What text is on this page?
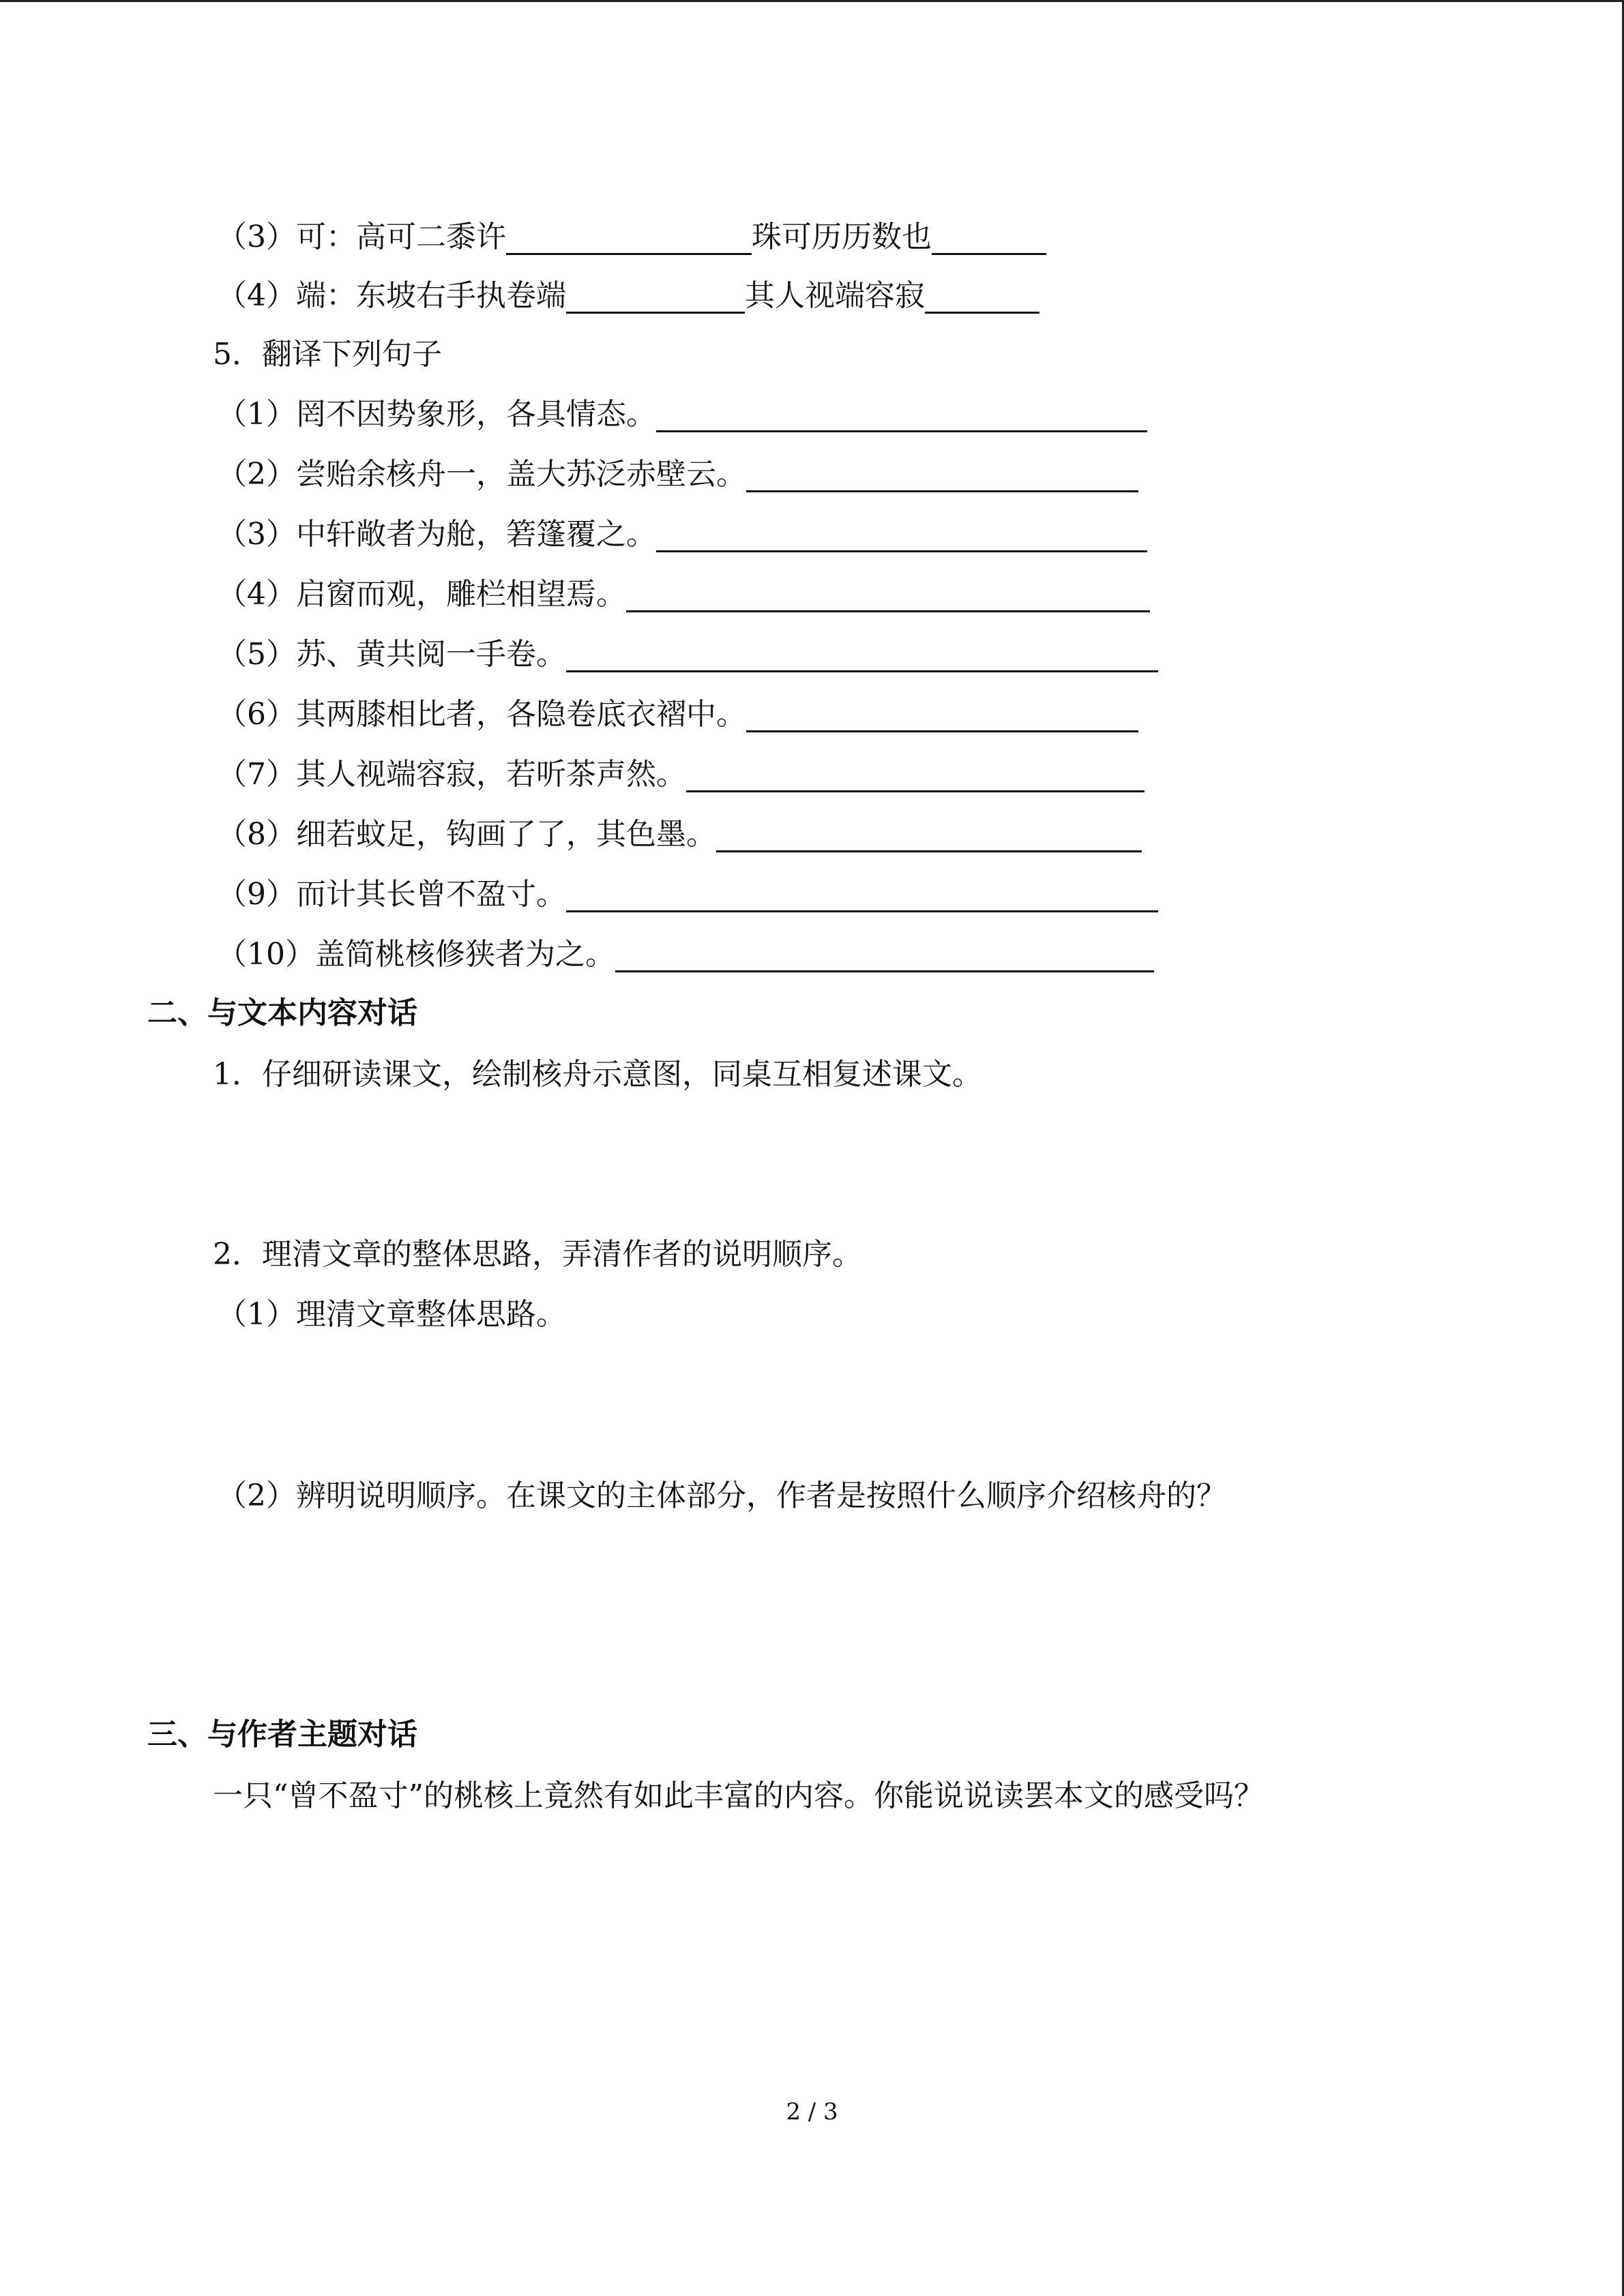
（3）可：高可二黍许	珠可历历数也
（4）端：东坡右手执卷端	其人视端容寂
5．翻译下列句子
（1）罔不因势象形，各具情态。
（2）尝贻余核舟一，盖大苏泛赤壁云。
（3）中轩敞者为舱，箬篷覆之。
（4）启窗而观，雕栏相望焉。
（5）苏、黄共阅一手卷。
（6）其两膝相比者，各隐卷底衣褶中。
（7）其人视端容寂，若听茶声然。
（8）细若蚊足，钩画了了，其色墨。
（9）而计其长曾不盈寸。
（10）盖简桃核修狭者为之。
二、与文本内容对话
1．仔细研读课文，绘制核舟示意图，同桌互相复述课文。
2．理清文章的整体思路，弄清作者的说明顺序。
（1）理清文章整体思路。
（2）辨明说明顺序。在课文的主体部分，作者是按照什么顺序介绍核舟的？
三、与作者主题对话
一只“曾不盈寸”的桃核上竟然有如此丰富的内容。你能说说读罢本文的感受吗？
2 / 3
